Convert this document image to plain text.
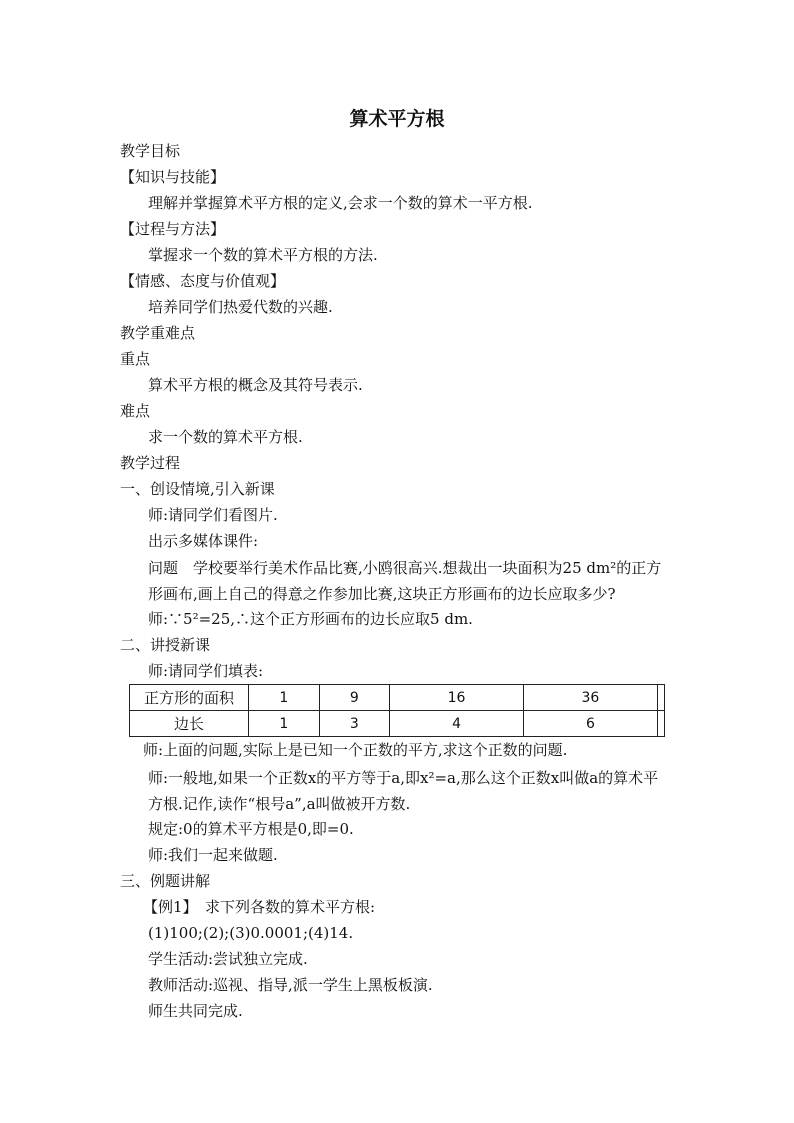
算术平方根
教学目标
【知识与技能】
理解并掌握算术平方根的定义,会求一个数的算术一平方根.
【过程与方法】
掌握求一个数的算术平方根的方法.
【情感、态度与价值观】
培养同学们热爱代数的兴趣.
教学重难点
重点
算术平方根的概念及其符号表示.
难点
求一个数的算术平方根.
教学过程
一、创设情境,引入新课
师:请同学们看图片.
出示多媒体课件:
问题　学校要举行美术作品比赛,小鸥很高兴.想裁出一块面积为25 dm²的正方形画布,画上自己的得意之作参加比赛,这块正方形画布的边长应取多少?
师:∵5²=25,∴这个正方形画布的边长应取5 dm.
二、讲授新课
师:请同学们填表:
正方形的面积	1	9	16	36	
边长	1	3	4	6	
师:上面的问题,实际上是已知一个正数的平方,求这个正数的问题.
师:一般地,如果一个正数x的平方等于a,即x²=a,那么这个正数x叫做a的算术平方根.记作,读作“根号a”,a叫做被开方数.
规定:0的算术平方根是0,即=0.
师:我们一起来做题.
三、例题讲解
【例1】　求下列各数的算术平方根:
(1)100;(2);(3)0.0001;(4)14.
学生活动:尝试独立完成.
教师活动:巡视、指导,派一学生上黑板板演.
师生共同完成.
